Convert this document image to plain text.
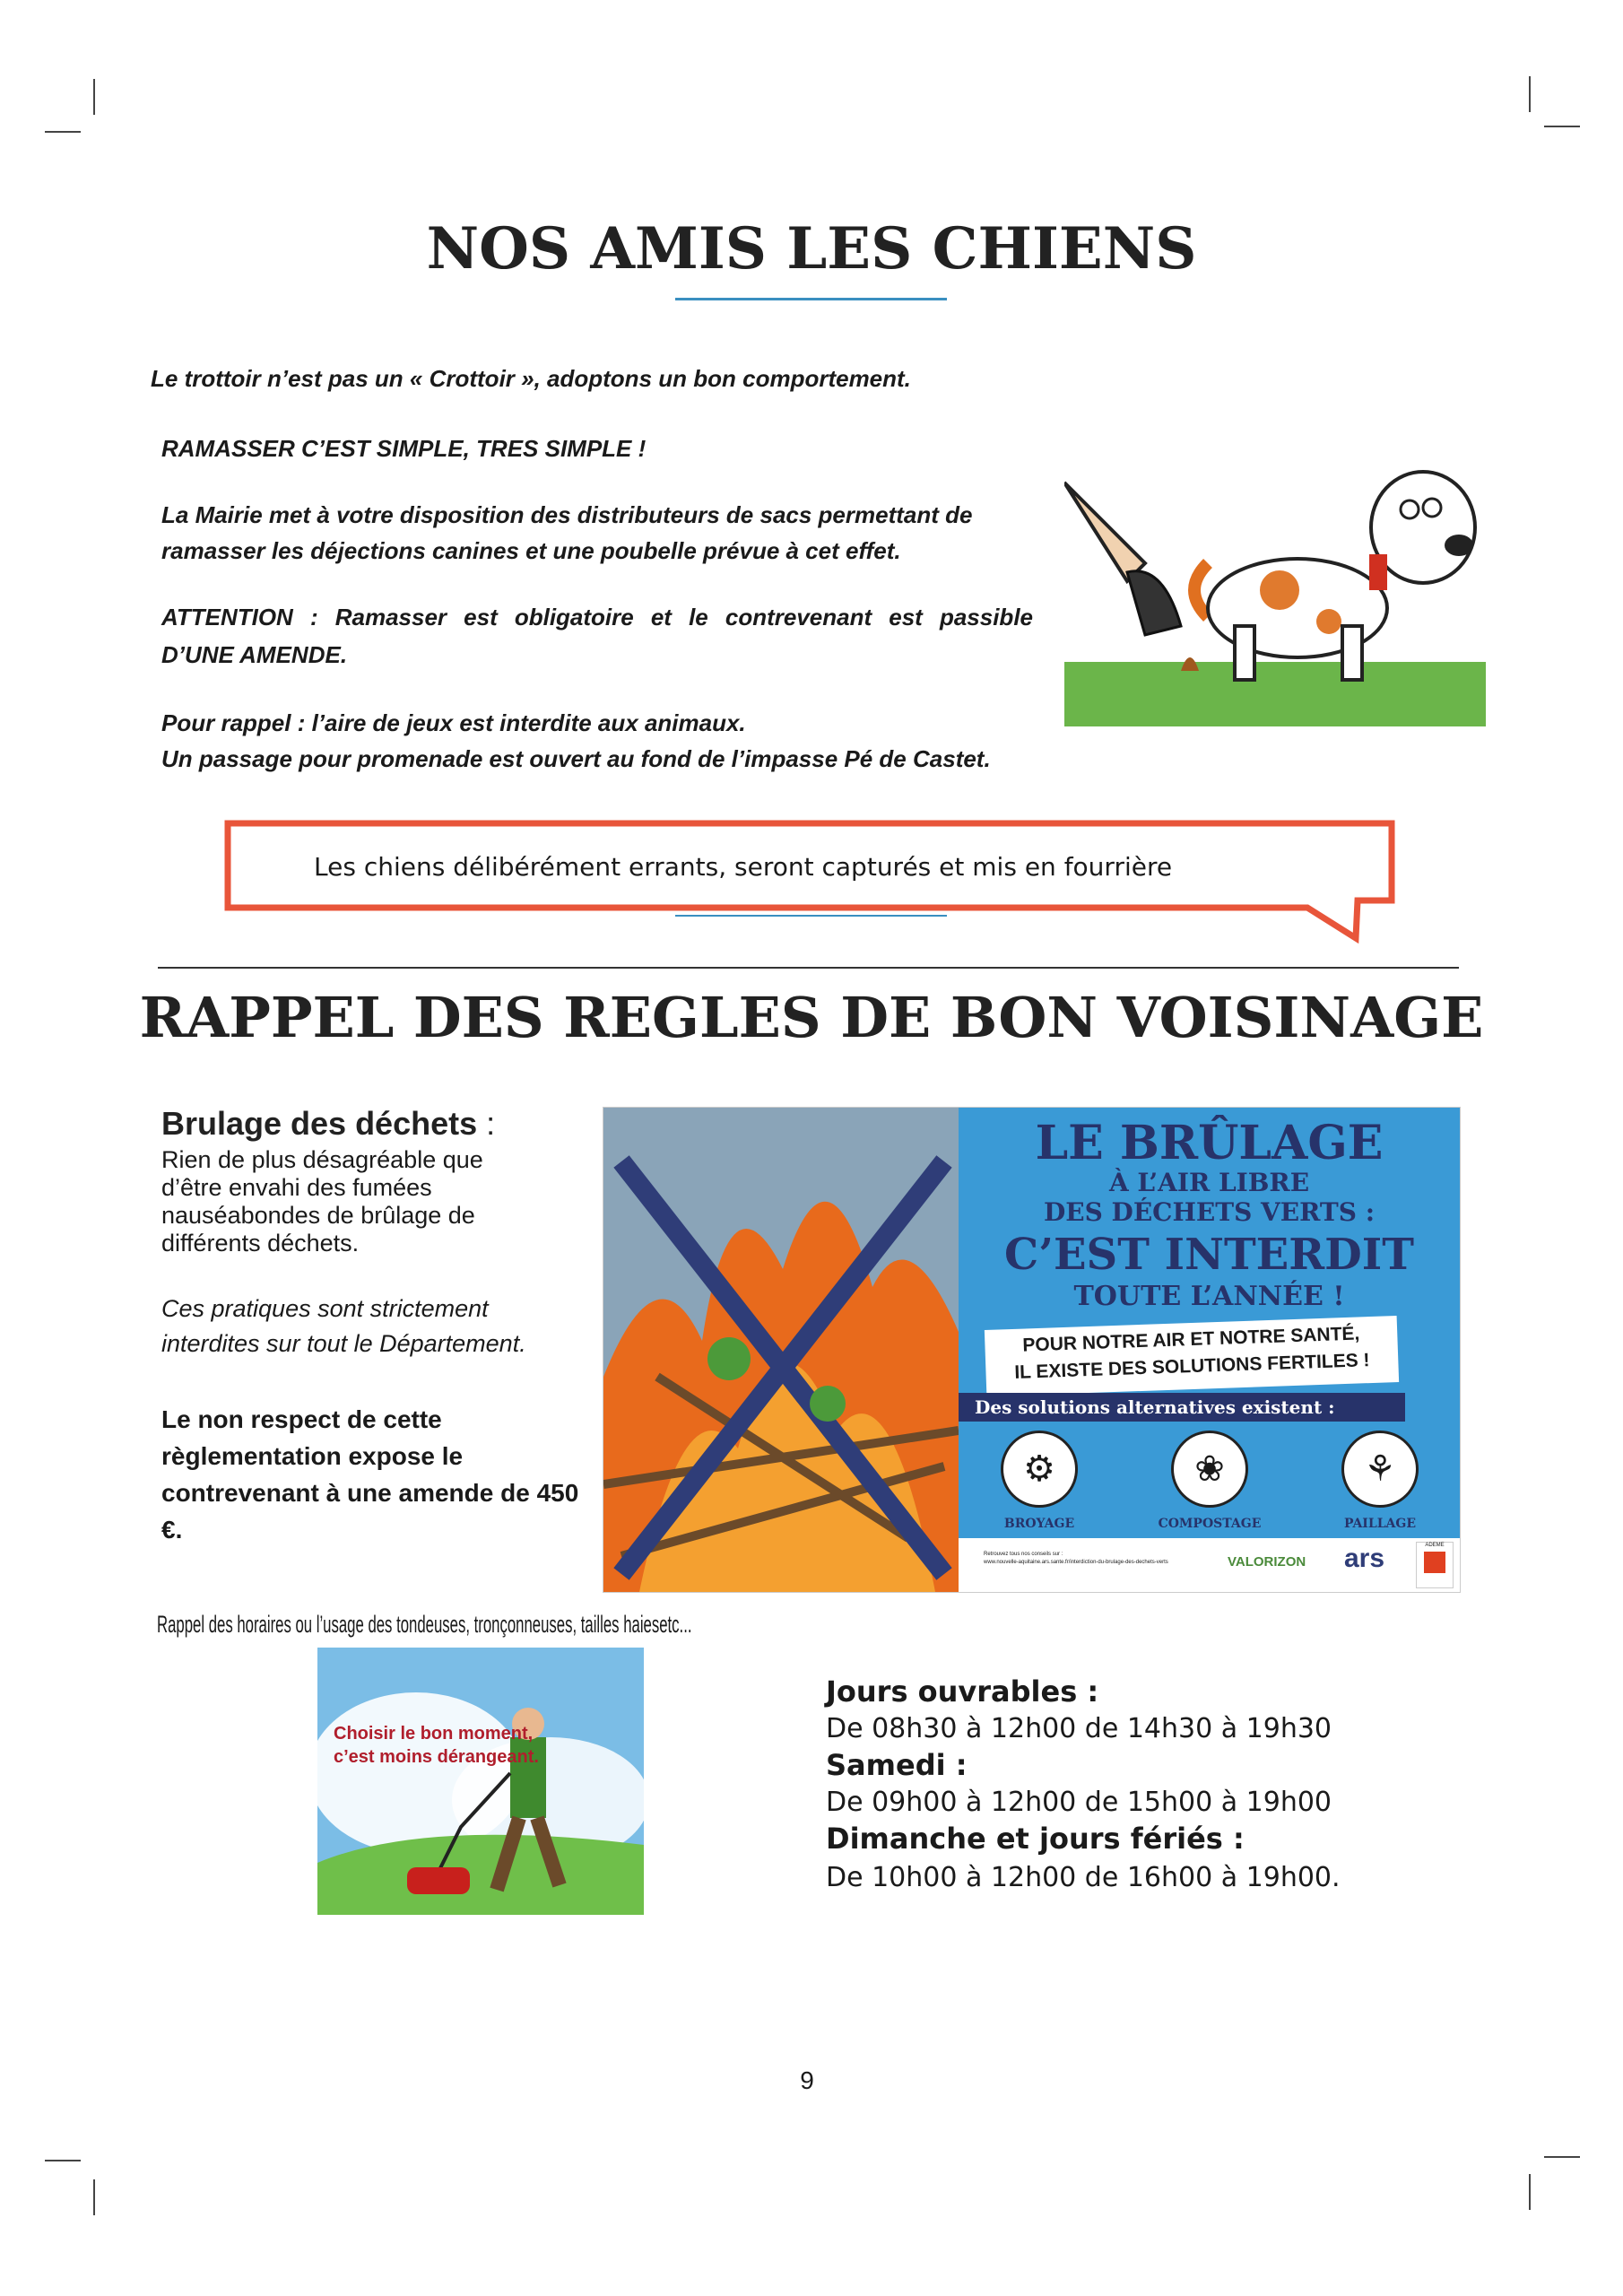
NOS AMIS LES CHIENS
Le trottoir n’est pas un « Crottoir », adoptons un bon comportement.
RAMASSER C’EST SIMPLE, TRES SIMPLE !
La Mairie met à votre disposition des distributeurs de sacs permettant de
ramasser les déjections canines et une poubelle prévue à cet effet.
ATTENTION : Ramasser est obligatoire et le contrevenant est passible
D’UNE AMENDE.
Pour rappel : l’aire de jeux est interdite aux animaux.
Un passage pour promenade est ouvert au fond de l’impasse Pé de Castet.
Les chiens délibérément errants, seront capturés et mis en fourrière
RAPPEL DES REGLES DE BON VOISINAGE
Brulage des déchets :
Rien de plus désagréable que d’être envahi des fumées nauséabondes de brûlage de différents déchets.
Ces pratiques sont strictement interdites sur tout le Département.
Le non respect de cette règlementation expose le contrevenant à une amende de 450 €.
LE BRÛLAGE
À L’AIR LIBRE
DES DÉCHETS VERTS :
C’EST INTERDIT
TOUTE L’ANNÉE !
POUR NOTRE AIR ET NOTRE SANTÉ,
IL EXISTE DES SOLUTIONS FERTILES !
Des solutions alternatives existent :
⚙
BROYAGE
❀
COMPOSTAGE
⚘
PAILLAGE
Retrouvez tous nos conseils sur :
www.nouvelle-aquitaine.ars.sante.fr/interdiction-du-brulage-des-dechets-verts	VALORIZON ars	ADEME
Rappel des horaires ou l’usage des tondeuses, tronçonneuses, tailles haiesetc...
Choisir le bon moment,
c’est moins dérangeant.
Jours ouvrables :
De 08h30 à 12h00 de 14h30 à 19h30
Samedi :
De 09h00 à 12h00 de 15h00 à 19h00
Dimanche et jours fériés :
De 10h00 à 12h00 de 16h00 à 19h00.
9
